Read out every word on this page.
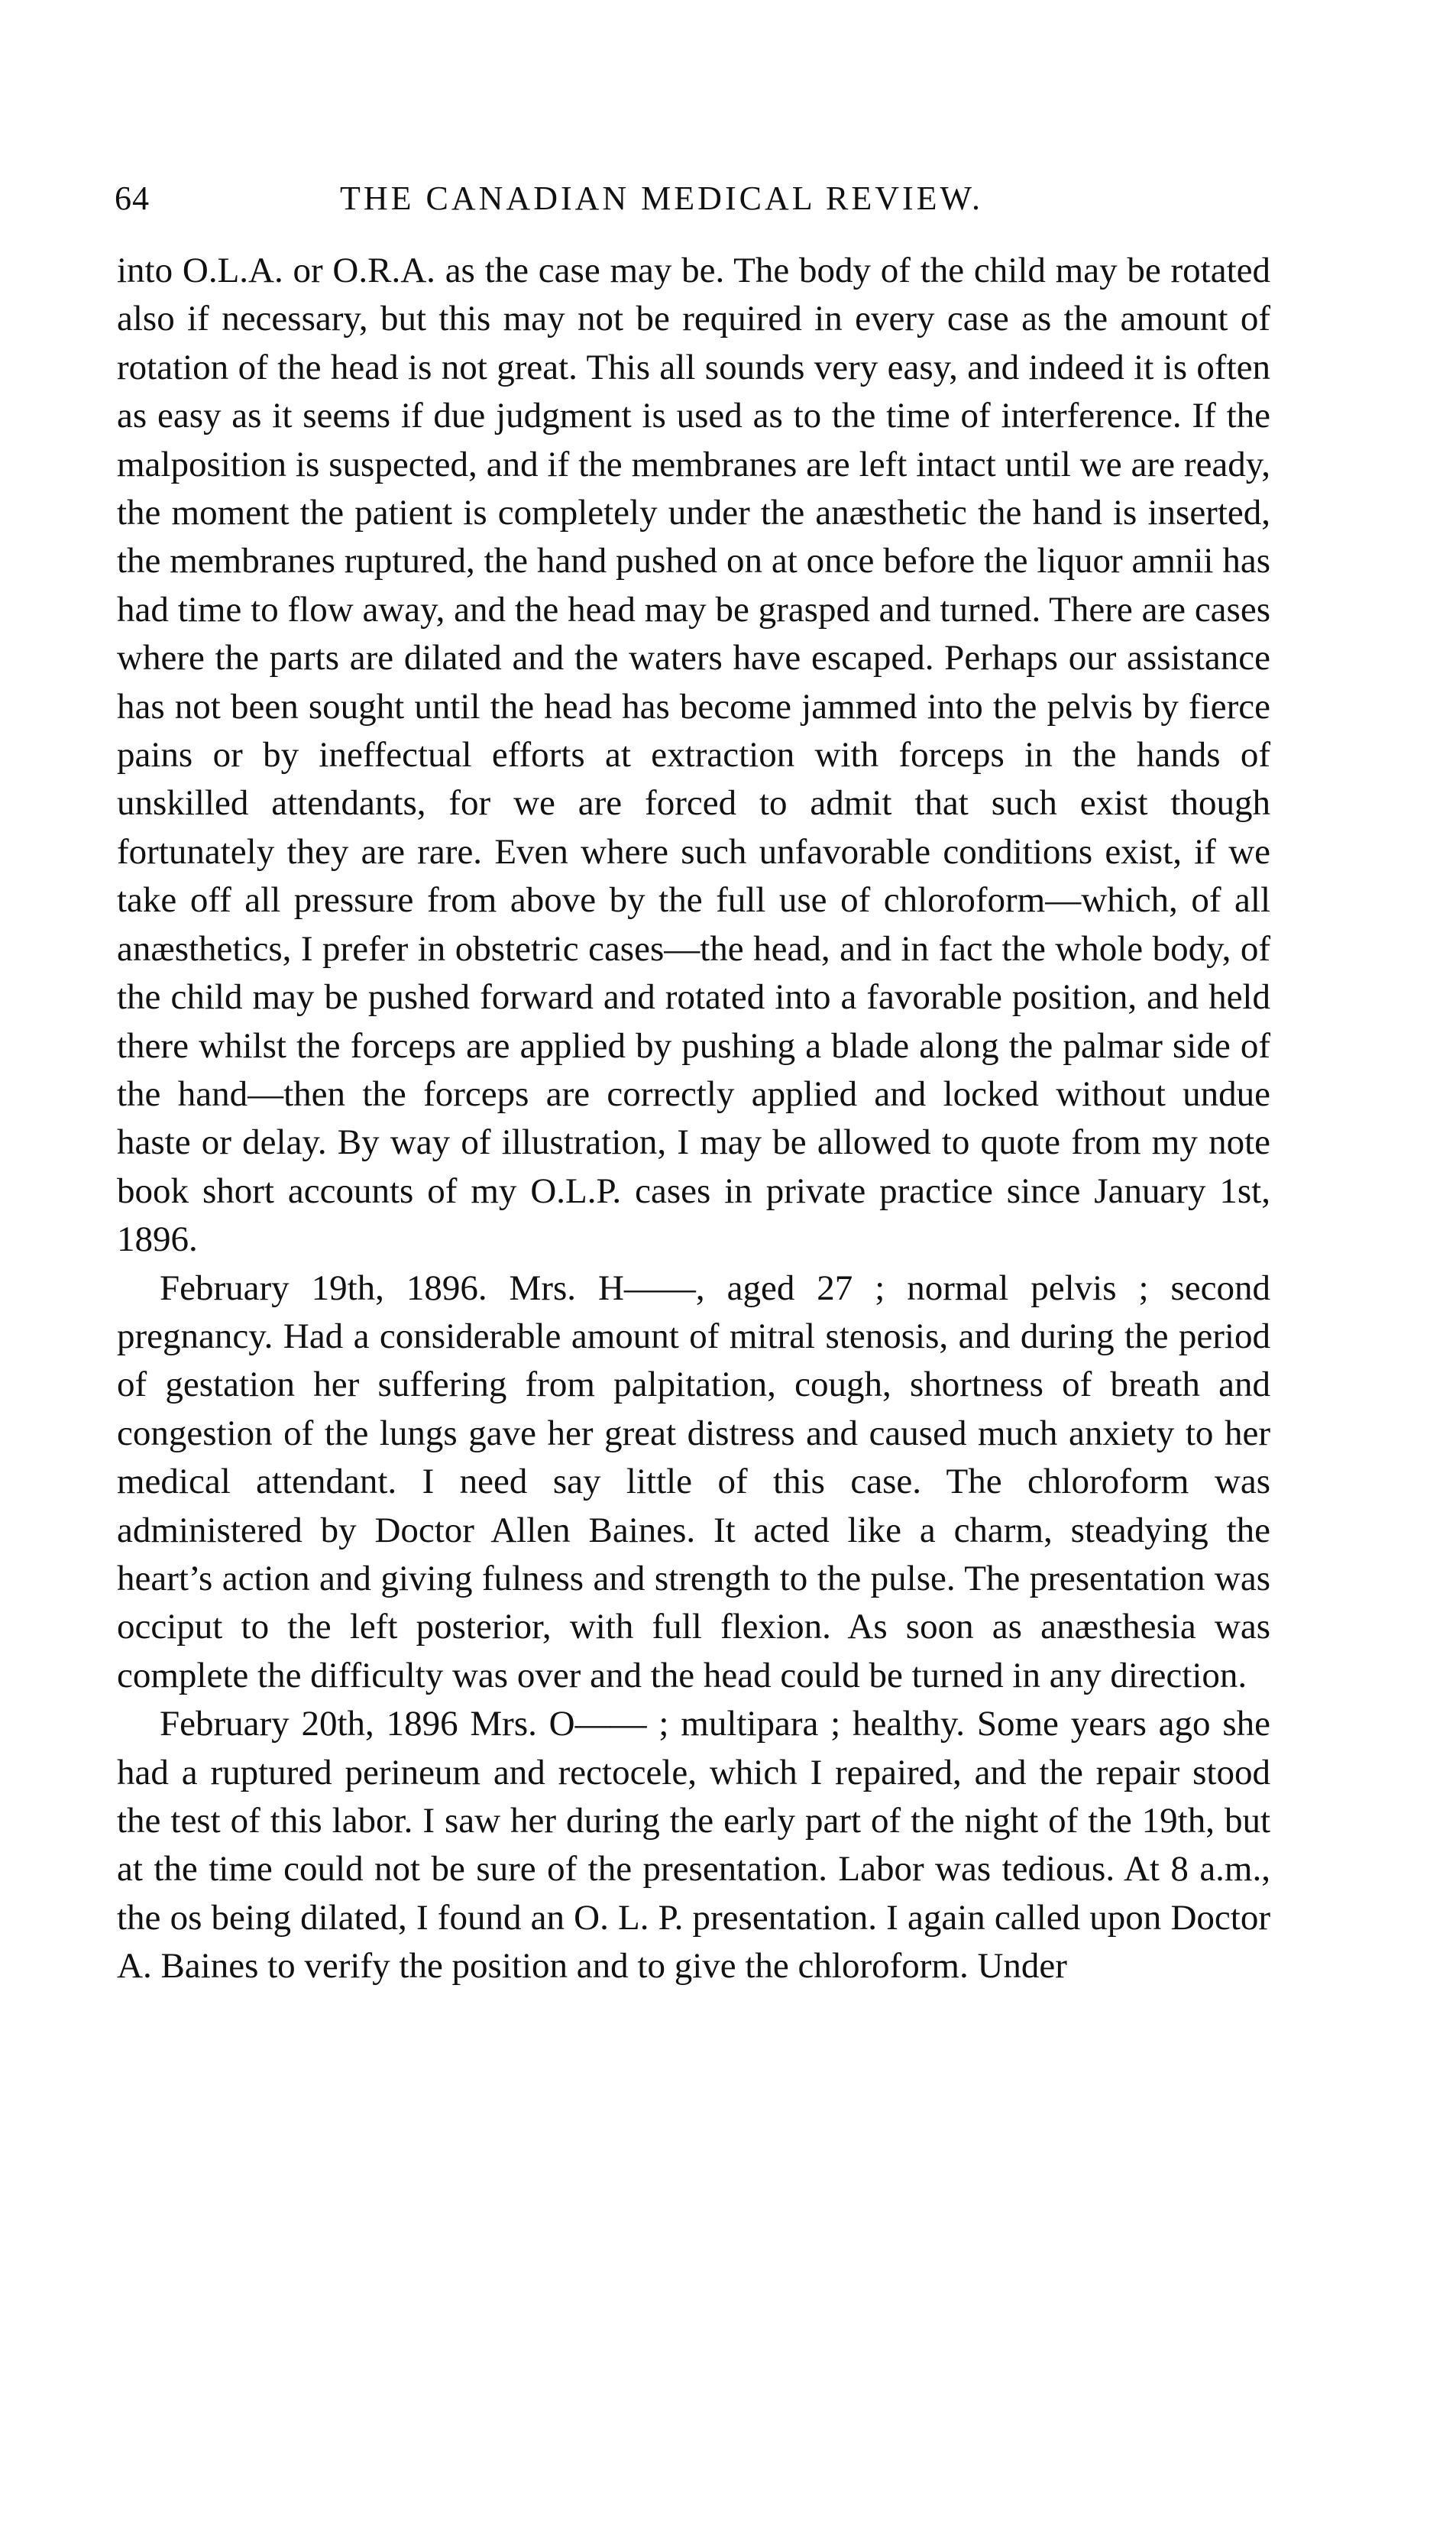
64	THE CANADIAN MEDICAL REVIEW.

into O.L.A. or O.R.A. as the case may be. The body of the child may be rotated also if necessary, but this may not be required in every case as the amount of rotation of the head is not great. This all sounds very easy, and indeed it is often as easy as it seems if due judgment is used as to the time of interference. If the malposition is suspected, and if the membranes are left intact until we are ready, the moment the patient is completely under the anæsthetic the hand is inserted, the membranes ruptured, the hand pushed on at once before the liquor amnii has had time to flow away, and the head may be grasped and turned. There are cases where the parts are dilated and the waters have escaped. Perhaps our assistance has not been sought until the head has become jammed into the pelvis by fierce pains or by ineffectual efforts at extraction with forceps in the hands of unskilled attendants, for we are forced to admit that such exist though fortunately they are rare. Even where such unfavorable conditions exist, if we take off all pressure from above by the full use of chloroform—which, of all anæsthetics, I prefer in obstetric cases—the head, and in fact the whole body, of the child may be pushed forward and rotated into a favorable position, and held there whilst the forceps are applied by pushing a blade along the palmar side of the hand—then the forceps are correctly applied and locked without undue haste or delay. By way of illustration, I may be allowed to quote from my note book short accounts of my O.L.P. cases in private practice since January 1st, 1896.

February 19th, 1896. Mrs. H——, aged 27 ; normal pelvis ; second pregnancy. Had a considerable amount of mitral stenosis, and during the period of gestation her suffering from palpitation, cough, shortness of breath and congestion of the lungs gave her great distress and caused much anxiety to her medical attendant. I need say little of this case. The chloroform was administered by Doctor Allen Baines. It acted like a charm, steadying the heart’s action and giving fulness and strength to the pulse. The presentation was occiput to the left posterior, with full flexion. As soon as anæsthesia was complete the difficulty was over and the head could be turned in any direction.

February 20th, 1896 Mrs. O—— ; multipara ; healthy. Some years ago she had a ruptured perineum and rectocele, which I repaired, and the repair stood the test of this labor. I saw her during the early part of the night of the 19th, but at the time could not be sure of the presentation. Labor was tedious. At 8 a.m., the os being dilated, I found an O. L. P. presentation. I again called upon Doctor A. Baines to verify the position and to give the chloroform. Under
